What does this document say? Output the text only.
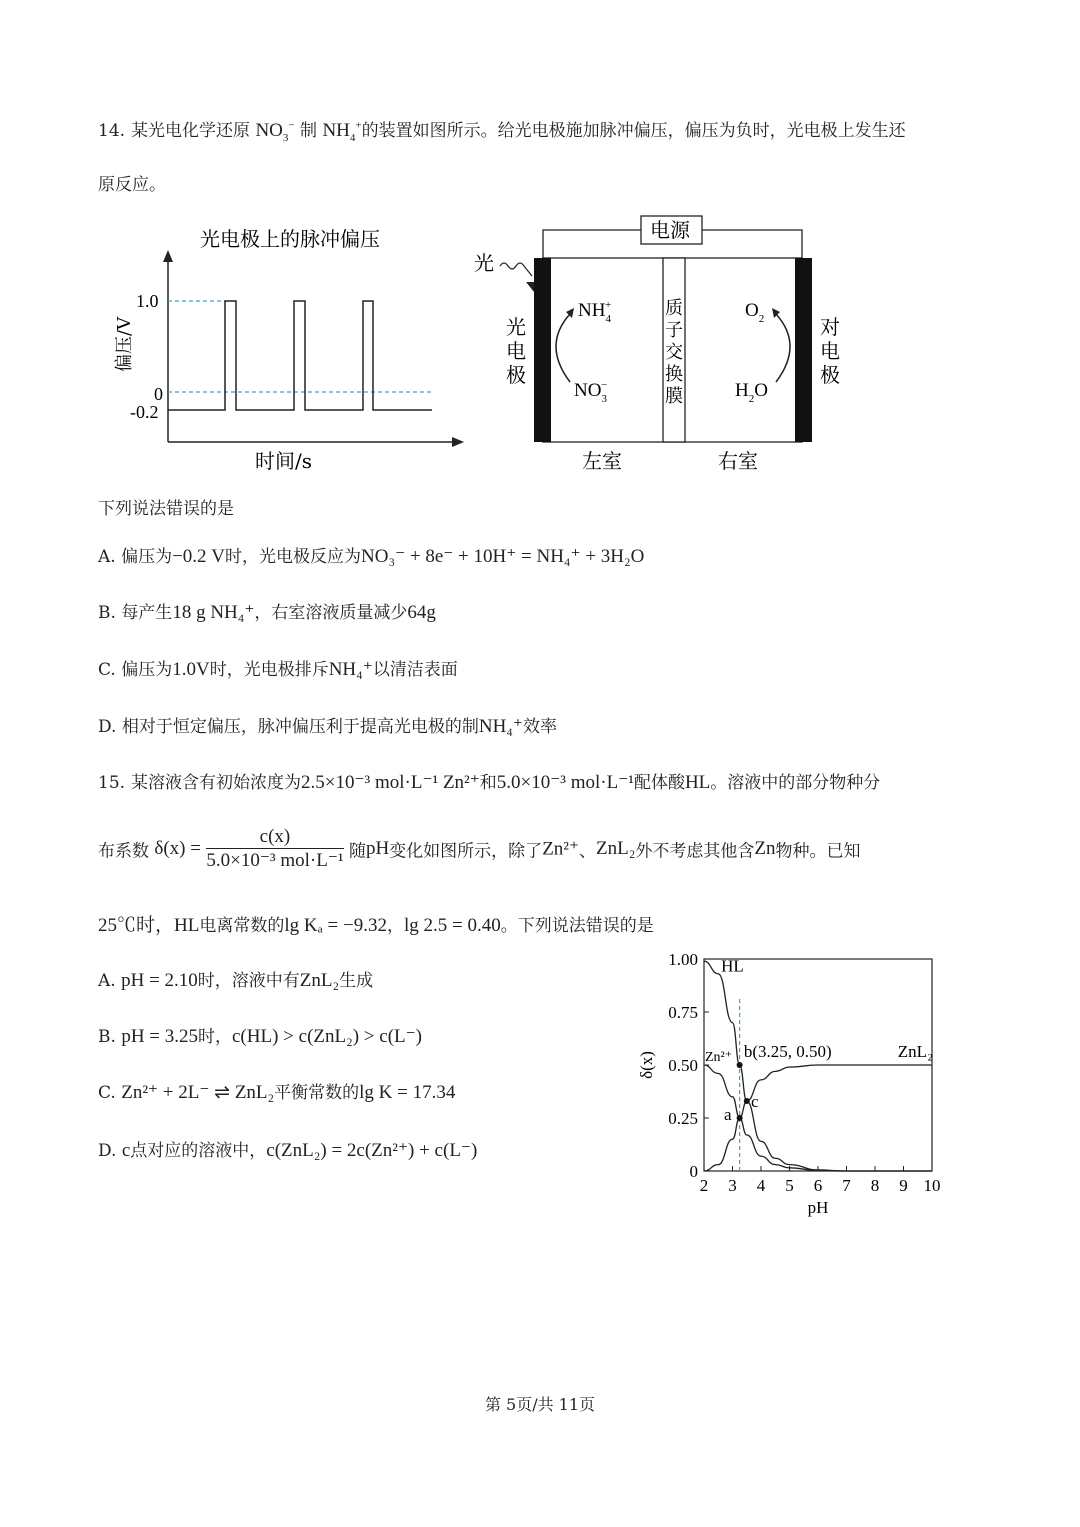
14. 某光电化学还原 $NO_3^-$ 制 $NH_4^+$的装置如图所示。给光电极施加脉冲偏压，偏压为负时，光电极上发生还
原反应。
光电极上的脉冲偏压
偏压/V
1.0
0
-0.2
时间/s
电源
光
质
子
交
换
膜
光
电
极
对
电
极
$NH_4+$
$NO_3-$
$O_2$
$H_2O$
左室	右室
下列说法错误的是
A. 偏压为−0.2 V时，光电极反应为NO₃⁻ + 8e⁻ + 10H⁺ = NH₄⁺ + 3H₂O
B. 每产生18 g NH₄⁺，右室溶液质量减少64g
C. 偏压为1.0V时，光电极排斥NH₄⁺以清洁表面
D. 相对于恒定偏压，脉冲偏压利于提高光电极的制NH₄⁺效率
15. 某溶液含有初始浓度为2.5×10⁻³ mol·L⁻¹ Zn²⁺和5.0×10⁻³ mol·L⁻¹配体酸HL。溶液中的部分物种分
布系数 δ(x) =
c(x)
5.0×10⁻³ mol·L⁻¹ 随pH变化如图所示，除了Zn²⁺、ZnL₂外不考虑其他含Zn物种。已知
25℃时，HL电离常数的lg Kₐ = −9.32，lg 2.5 = 0.40。下列说法错误的是
A. pH = 2.10时，溶液中有ZnL₂生成
B. pH = 3.25时，c(HL) > c(ZnL₂) > c(L⁻)
C. Zn²⁺ + 2L⁻ ⇌ ZnL₂平衡常数的lg K = 17.34
D. c点对应的溶液中，c(ZnL₂) = 2c(Zn²⁺) + c(L⁻)
2 3 4 5 6 7 8 9 10
0
0.25
0.50
0.75
1.00
pH
δ(x)
HL
Zn²⁺	ZnL₂
b(3.25, 0.50)
a
c
第 5页/共 11页
